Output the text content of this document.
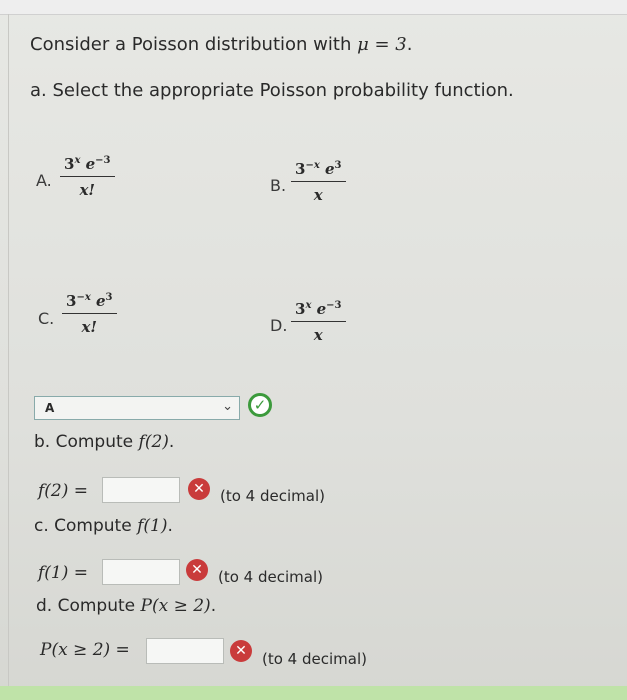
Consider a Poisson distribution with μ = 3.
a. Select the appropriate Poisson probability function.
A.
3$^x$ $e^{-3}$
x!	B.
$3^{-x}$ $e^3$
x
C.
$3^{-x}$ $e^3$
x!	D.
3$^x$ $e^{-3}$
x
A	⌄	✓
b. Compute f(2).
f(2) =	✕	(to 4 decimal)
c. Compute f(1).
f(1) =	✕	(to 4 decimal)
d. Compute P(x ≥ 2).
P(x ≥ 2) =	✕	(to 4 decimal)
